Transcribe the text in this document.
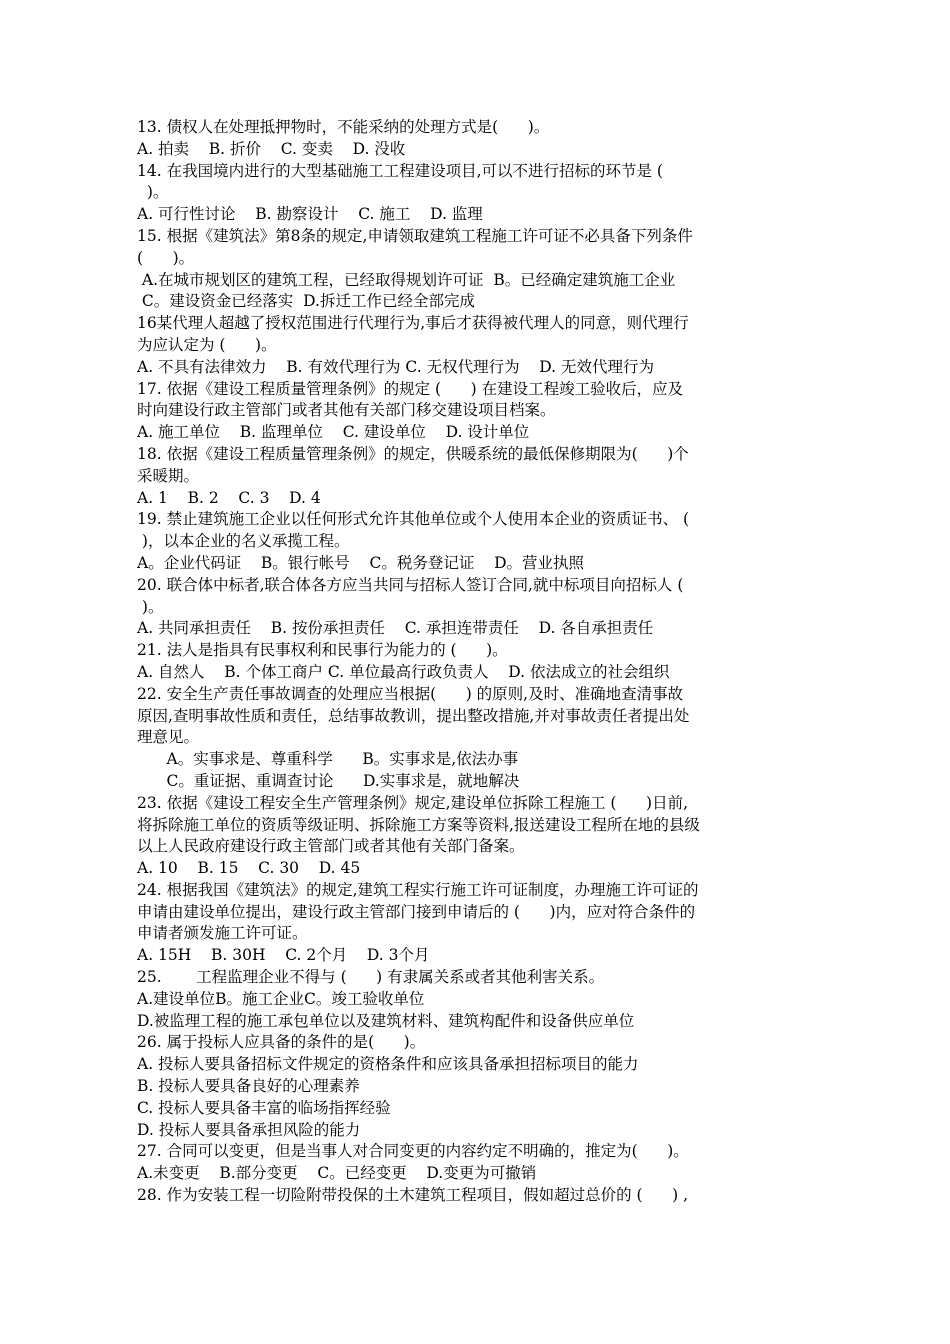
13. 债权人在处理抵押物时，不能采纳的处理方式是(      )。
A. 拍卖    B. 折价    C. 变卖    D. 没收
14. 在我国境内进行的大型基础施工工程建设项目,可以不进行招标的环节是 (
)。
A. 可行性讨论    B. 勘察设计    C. 施工    D. 监理
15. 根据《建筑法》第8条的规定,申请领取建筑工程施工许可证不必具备下列条件
(      )。
A.在城市规划区的建筑工程，已经取得规划许可证  B。已经确定建筑施工企业
C。建设资金已经落实  D.拆迁工作已经全部完成
16某代理人超越了授权范围进行代理行为,事后才获得被代理人的同意，则代理行
为应认定为 (      )。
A. 不具有法律效力    B. 有效代理行为 C. 无权代理行为    D. 无效代理行为
17. 依据《建设工程质量管理条例》的规定 (      ) 在建设工程竣工验收后，应及
时向建设行政主管部门或者其他有关部门移交建设项目档案。
A. 施工单位    B. 监理单位    C. 建设单位    D. 设计单位
18. 依据《建设工程质量管理条例》的规定，供暖系统的最低保修期限为(      )个
采暖期。
A. 1    B. 2    C. 3    D. 4
19. 禁止建筑施工企业以任何形式允许其他单位或个人使用本企业的资质证书、 (
)，以本企业的名义承揽工程。
A。企业代码证    B。银行帐号    C。税务登记证    D。营业执照
20. 联合体中标者,联合体各方应当共同与招标人签订合同,就中标项目向招标人 (
)。
A. 共同承担责任    B. 按份承担责任    C. 承担连带责任    D. 各自承担责任
21. 法人是指具有民事权利和民事行为能力的 (      )。
A. 自然人    B. 个体工商户 C. 单位最高行政负责人    D. 依法成立的社会组织
22. 安全生产责任事故调查的处理应当根据(      ) 的原则,及时、准确地查清事故
原因,查明事故性质和责任，总结事故教训，提出整改措施,并对事故责任者提出处
理意见。
A。实事求是、尊重科学      B。实事求是,依法办事
C。重证据、重调查讨论      D.实事求是，就地解决
23. 依据《建设工程安全生产管理条例》规定,建设单位拆除工程施工 (      )日前,
将拆除施工单位的资质等级证明、拆除施工方案等资料,报送建设工程所在地的县级
以上人民政府建设行政主管部门或者其他有关部门备案。
A. 10    B. 15    C. 30    D. 45
24. 根据我国《建筑法》的规定,建筑工程实行施工许可证制度，办理施工许可证的
申请由建设单位提出，建设行政主管部门接到申请后的 (      )内，应对符合条件的
申请者颁发施工许可证。
A. 15H    B. 30H    C. 2个月    D. 3个月
25.       工程监理企业不得与 (      ) 有隶属关系或者其他利害关系。
A.建设单位B。施工企业C。竣工验收单位
D.被监理工程的施工承包单位以及建筑材料、建筑构配件和设备供应单位
26. 属于投标人应具备的条件的是(      )。
A. 投标人要具备招标文件规定的资格条件和应该具备承担招标项目的能力
B. 投标人要具备良好的心理素养
C. 投标人要具备丰富的临场指挥经验
D. 投标人要具备承担风险的能力
27. 合同可以变更，但是当事人对合同变更的内容约定不明确的，推定为(      )。
A.未变更    B.部分变更    C。已经变更    D.变更为可撤销
28. 作为安装工程一切险附带投保的土木建筑工程项目，假如超过总价的 (      ) ,
